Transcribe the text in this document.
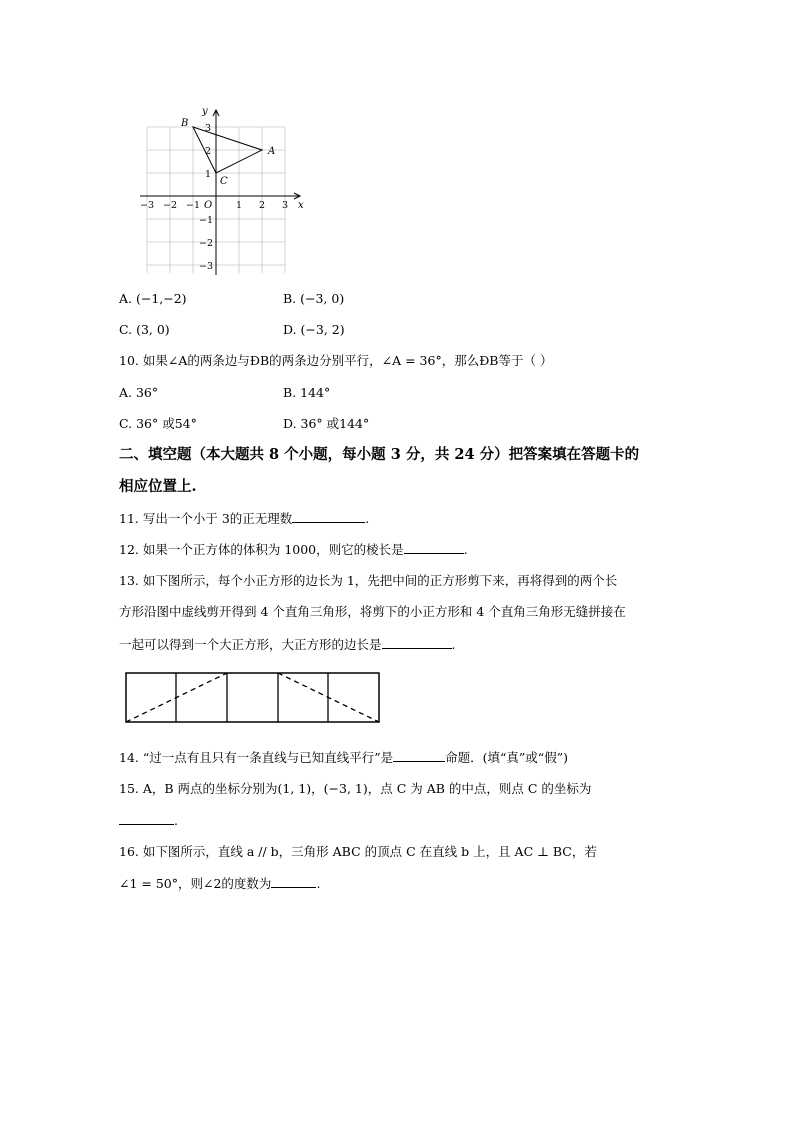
x
y
O
A
B
C
−3 −2 −1	1 2 3
3
2
1
−1
−2
−3
A. (−1,−2)	B. (−3, 0)
C. (3, 0)	D. (−3, 2)
10. 如果∠A的两条边与ÐB的两条边分别平行，∠A = 36°，那么ÐB等于（ ）
A. 36°	B. 144°
C. 36° 或54°	D. 36° 或144°
二、填空题（本大题共 8 个小题，每小题 3 分，共 24 分）把答案填在答题卡的
相应位置上.
11. 写出一个小于 3的正无理数	.
12. 如果一个正方体的体积为 1000，则它的棱长是	.
13. 如下图所示，每个小正方形的边长为 1，先把中间的正方形剪下来，再将得到的两个长
方形沿图中虚线剪开得到 4 个直角三角形，将剪下的小正方形和 4 个直角三角形无缝拼接在
一起可以得到一个大正方形，大正方形的边长是	.
14. “过一点有且只有一条直线与已知直线平行”是	命题．(填“真”或“假”)
15. A，B 两点的坐标分别为(1, 1)，(−3, 1)，点 C 为 AB 的中点，则点 C 的坐标为
.
16. 如下图所示，直线 a // b，三角形 ABC 的顶点 C 在直线 b 上，且 AC ⊥ BC，若
∠1 = 50°，则∠2的度数为	.
